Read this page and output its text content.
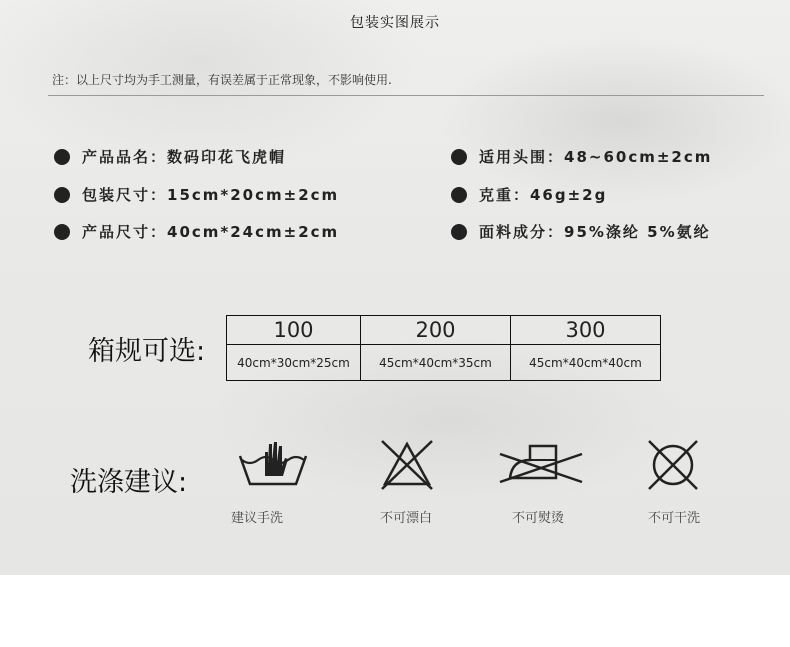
包装实图展示
注：以上尺寸均为手工测量，有误差属于正常现象，不影响使用.
产品品名：数码印花飞虎帽
包装尺寸：15cm*20cm±2cm
产品尺寸：40cm*24cm±2cm
适用头围：48~60cm±2cm
克重：46g±2g
面料成分：95%涤纶 5%氨纶
箱规可选:
100	200	300
40cm*30cm*25cm	45cm*40cm*35cm	45cm*40cm*40cm
洗涤建议:
建议手洗	不可漂白	不可熨烫	不可干洗
